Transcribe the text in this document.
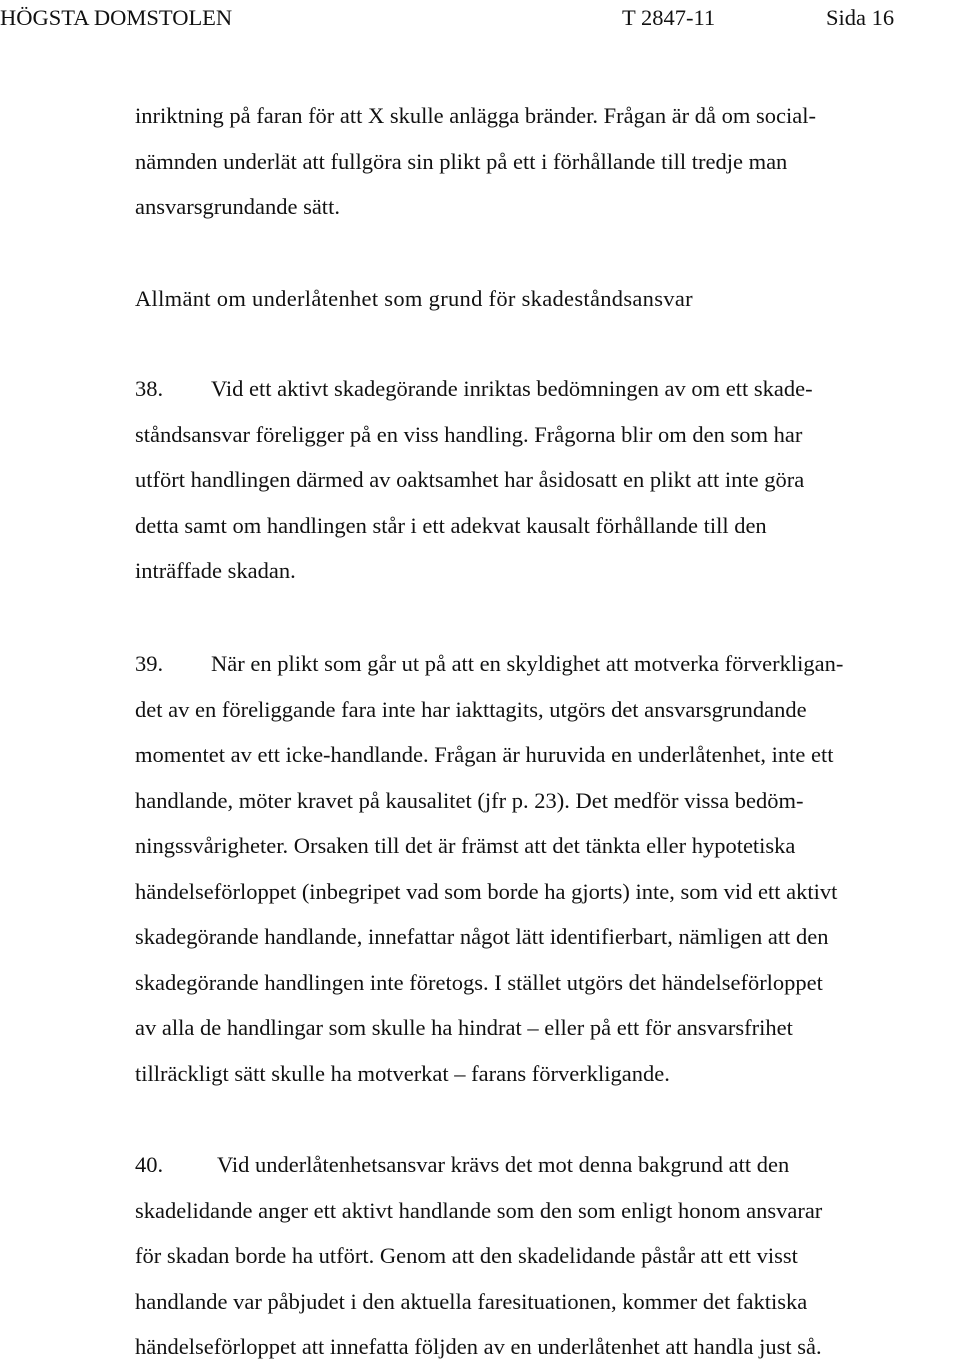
HÖGSTA DOMSTOLEN	T 2847-11	Sida 16
inriktning på faran för att X skulle anlägga bränder. Frågan är då om social-
nämnden underlät att fullgöra sin plikt på ett i förhållande till tredje man
ansvarsgrundande sätt.
Allmänt om underlåtenhet som grund för skadeståndsansvar
38. Vid ett aktivt skadegörande inriktas bedömningen av om ett skade-
ståndsansvar föreligger på en viss handling. Frågorna blir om den som har
utfört handlingen därmed av oaktsamhet har åsidosatt en plikt att inte göra
detta samt om handlingen står i ett adekvat kausalt förhållande till den
inträffade skadan.
39. När en plikt som går ut på att en skyldighet att motverka förverkligan-
det av en föreliggande fara inte har iakttagits, utgörs det ansvarsgrundande
momentet av ett icke-handlande. Frågan är huruvida en underlåtenhet, inte ett
handlande, möter kravet på kausalitet (jfr p. 23). Det medför vissa bedöm-
ningssvårigheter. Orsaken till det är främst att det tänkta eller hypotetiska
händelseförloppet (inbegripet vad som borde ha gjorts) inte, som vid ett aktivt
skadegörande handlande, innefattar något lätt identifierbart, nämligen att den
skadegörande handlingen inte företogs. I stället utgörs det händelseförloppet
av alla de handlingar som skulle ha hindrat – eller på ett för ansvarsfrihet
tillräckligt sätt skulle ha motverkat – farans förverkligande.
40. Vid underlåtenhetsansvar krävs det mot denna bakgrund att den
skadelidande anger ett aktivt handlande som den som enligt honom ansvarar
för skadan borde ha utfört. Genom att den skadelidande påstår att ett visst
handlande var påbjudet i den aktuella faresituationen, kommer det faktiska
händelseförloppet att innefatta följden av en underlåtenhet att handla just så.
